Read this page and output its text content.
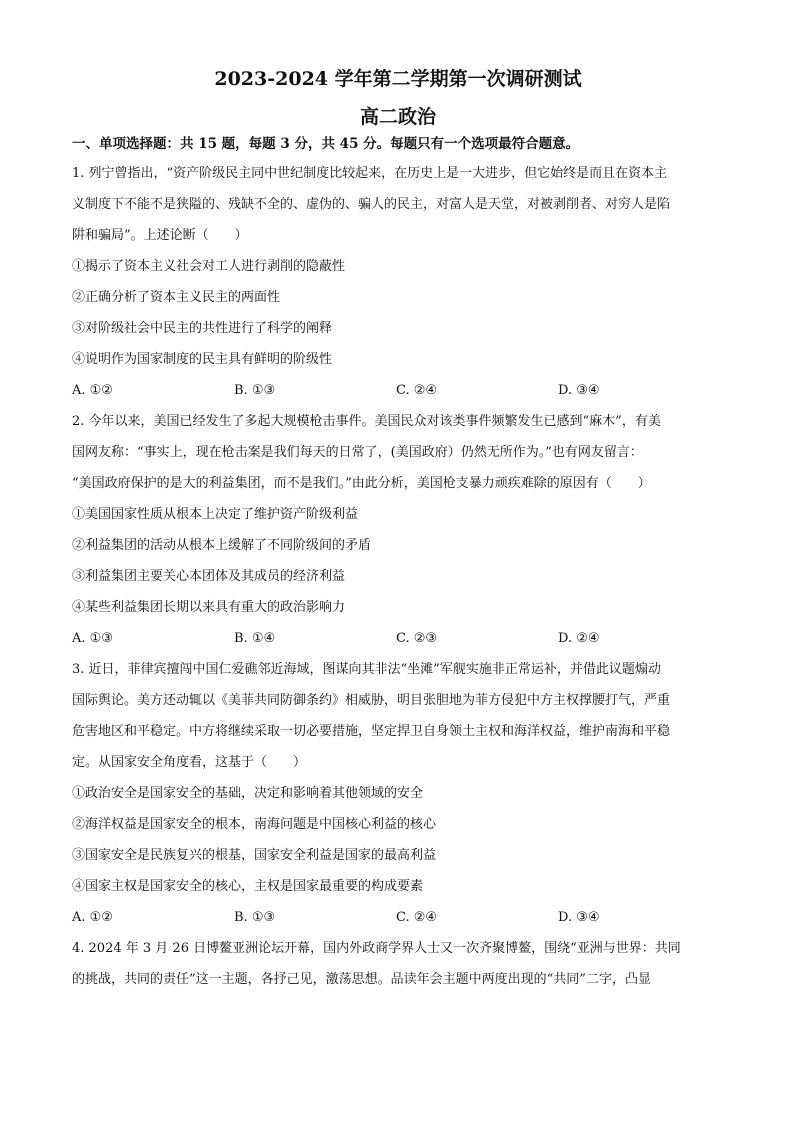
2023-2024 学年第二学期第一次调研测试
高二政治

一、单项选择题：共 15 题，每题 3 分，共 45 分。每题只有一个选项最符合题意。

1. 列宁曾指出，“资产阶级民主同中世纪制度比较起来，在历史上是一大进步，但它始终是而且在资本主

义制度下不能不是狭隘的、残缺不全的、虚伪的、骗人的民主，对富人是天堂，对被剥削者、对穷人是陷

阱和骗局”。上述论断（　　）

①揭示了资本主义社会对工人进行剥削的隐蔽性

②正确分析了资本主义民主的两面性

③对阶级社会中民主的共性进行了科学的阐释

④说明作为国家制度的民主具有鲜明的阶级性

A. ①②	B. ①③	C. ②④	D. ③④

2. 今年以来，美国已经发生了多起大规模枪击事件。美国民众对该类事件频繁发生已感到“麻木”，有美

国网友称：“事实上，现在枪击案是我们每天的日常了，(美国政府）仍然无所作为。”也有网友留言：

“美国政府保护的是大的利益集团，而不是我们。”由此分析，美国枪支暴力顽疾难除的原因有（　　）

①美国国家性质从根本上决定了维护资产阶级利益

②利益集团的活动从根本上缓解了不同阶级间的矛盾

③利益集团主要关心本团体及其成员的经济利益

④某些利益集团长期以来具有重大的政治影响力

A. ①③	B. ①④	C. ②③	D. ②④

3. 近日，菲律宾擅闯中国仁爱礁邻近海域，图谋向其非法“坐滩”军舰实施非正常运补，并借此议题煽动

国际舆论。美方还动辄以《美菲共同防御条约》相威胁，明目张胆地为菲方侵犯中方主权撑腰打气，严重

危害地区和平稳定。中方将继续采取一切必要措施，坚定捍卫自身领土主权和海洋权益，维护南海和平稳

定。从国家安全角度看，这基于（　　）

①政治安全是国家安全的基础，决定和影响着其他领域的安全

②海洋权益是国家安全的根本，南海问题是中国核心利益的核心

③国家安全是民族复兴的根基，国家安全利益是国家的最高利益

④国家主权是国家安全的核心，主权是国家最重要的构成要素

A. ①②	B. ①③	C. ②④	D. ③④

4. 2024 年 3 月 26 日博鳌亚洲论坛开幕，国内外政商学界人士又一次齐聚博鳌，围绕“亚洲与世界：共同

的挑战，共同的责任”这一主题，各抒己见，激荡思想。品读年会主题中两度出现的“共同”二字，凸显
